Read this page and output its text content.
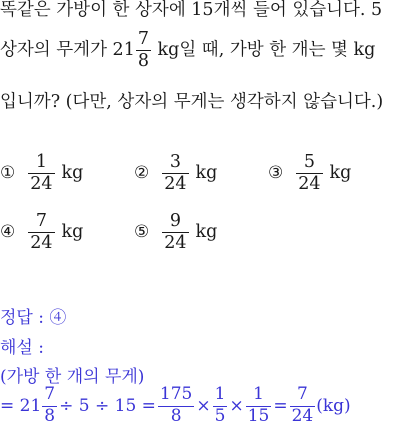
똑같은 가방이 한 상자에 15개씩 들어 있습니다. 5
상자의 무게가 $21 \frac{7}{8}$ kg일 때, 가방 한 개는 몇 kg
입니까? (다만, 상자의 무게는 생각하지 않습니다.)
① $\frac{1}{24}$ kg	② $\frac{3}{24}$ kg	③ $\frac{5}{24}$ kg
④ $\frac{7}{24}$ kg	⑤ $\frac{9}{24}$ kg
정답 : ④
해설 :
(가방 한 개의 무게)
= $21 \frac{7}{8} \div 5 \div 15 = \frac{175}{8} \times \frac{1}{5} \times \frac{1}{15} = \frac{7}{24} (kg)$
